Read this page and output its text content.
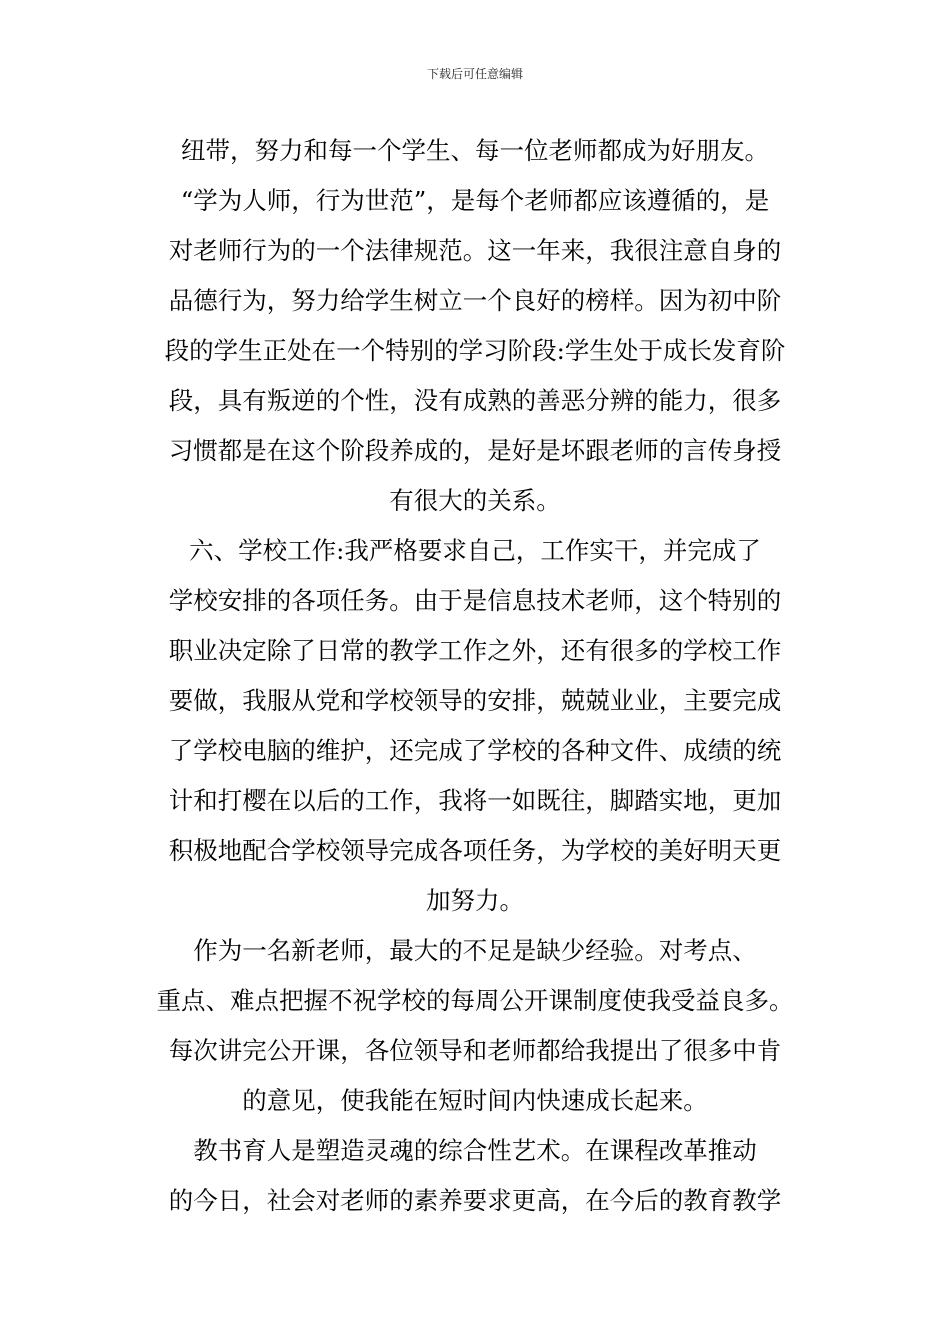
下载后可任意编辑
纽带，努力和每一个学生、每一位老师都成为好朋友。
“学为人师，行为世范”，是每个老师都应该遵循的，是
对老师行为的一个法律规范。这一年来，我很注意自身的
品德行为，努力给学生树立一个良好的榜样。因为初中阶
段的学生正处在一个特别的学习阶段:学生处于成长发育阶
段，具有叛逆的个性，没有成熟的善恶分辨的能力，很多
习惯都是在这个阶段养成的，是好是坏跟老师的言传身授
有很大的关系。
六、学校工作:我严格要求自己，工作实干，并完成了
学校安排的各项任务。由于是信息技术老师，这个特别的
职业决定除了日常的教学工作之外，还有很多的学校工作
要做，我服从党和学校领导的安排，兢兢业业，主要完成
了学校电脑的维护，还完成了学校的各种文件、成绩的统
计和打樱在以后的工作，我将一如既往，脚踏实地，更加
积极地配合学校领导完成各项任务，为学校的美好明天更
加努力。
作为一名新老师，最大的不足是缺少经验。对考点、
重点、难点把握不祝学校的每周公开课制度使我受益良多。
每次讲完公开课，各位领导和老师都给我提出了很多中肯
的意见，使我能在短时间内快速成长起来。
教书育人是塑造灵魂的综合性艺术。在课程改革推动
的今日，社会对老师的素养要求更高，在今后的教育教学
